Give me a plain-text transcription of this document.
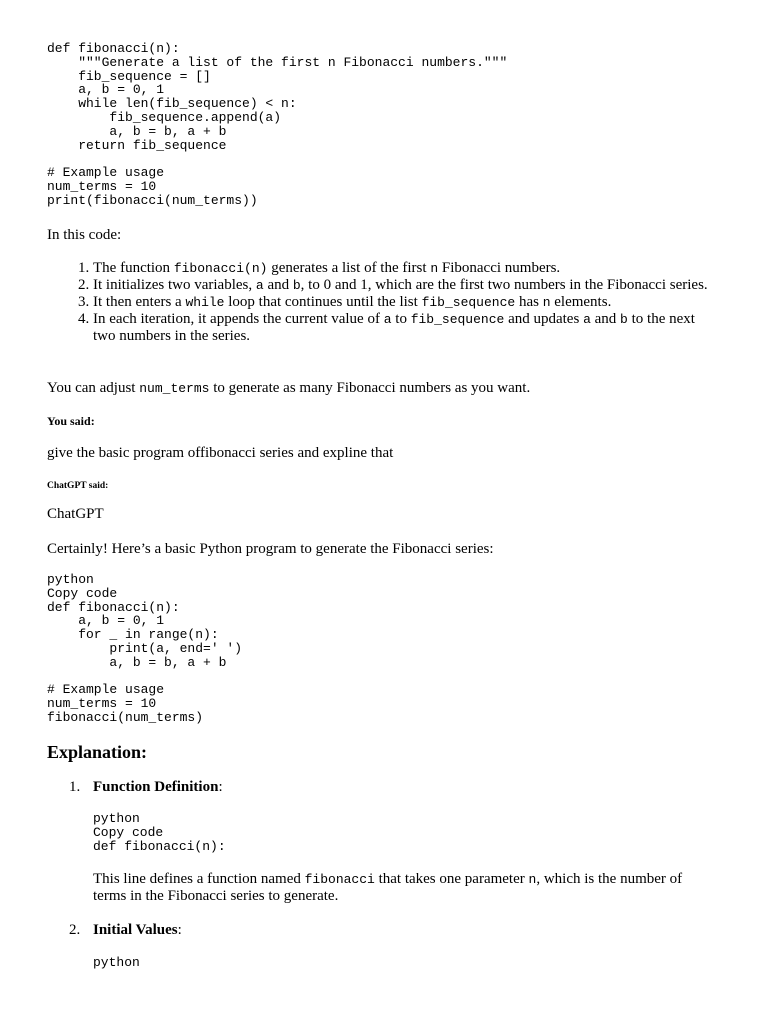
def fibonacci(n):
"""Generate a list of the first n Fibonacci numbers."""
fib_sequence = []
a, b = 0, 1
while len(fib_sequence) < n:
fib_sequence.append(a)
a, b = b, a + b
return fib_sequence

# Example usage
num_terms = 10
print(fibonacci(num_terms))

In this code:

1. The function fibonacci(n) generates a list of the first n Fibonacci numbers.
2. It initializes two variables, a and b, to 0 and 1, which are the first two numbers in the Fibonacci series.
3. It then enters a while loop that continues until the list fib_sequence has n elements.
4. In each iteration, it appends the current value of a to fib_sequence and updates a and b to the next two numbers in the series.

You can adjust num_terms to generate as many Fibonacci numbers as you want.

You said:

give the basic program offibonacci series and expline that

ChatGPT said:

ChatGPT

Certainly! Here’s a basic Python program to generate the Fibonacci series:

python
Copy code
def fibonacci(n):
a, b = 0, 1
for _ in range(n):
print(a, end=' ')
a, b = b, a + b

# Example usage
num_terms = 10
fibonacci(num_terms)
Explanation:

1. Function Definition:

python
Copy code
def fibonacci(n):

This line defines a function named fibonacci that takes one parameter n, which is the number of terms in the Fibonacci series to generate.

2. Initial Values:

python
